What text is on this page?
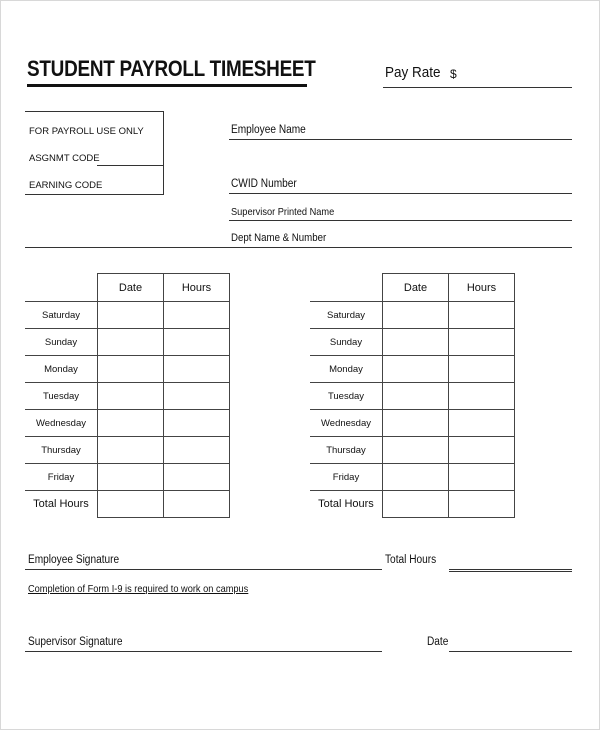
STUDENT PAYROLL TIMESHEET	Pay Rate $
FOR PAYROLL USE ONLY
ASGNMT CODE
EARNING CODE
Employee Name
CWID Number
Supervisor Printed Name
Dept Name & Number
	Date	Hours
Saturday		
Sunday		
Monday		
Tuesday		
Wednesday		
Thursday		
Friday		
Total Hours		
	Date	Hours
Saturday		
Sunday		
Monday		
Tuesday		
Wednesday		
Thursday		
Friday		
Total Hours		
Employee Signature	Total Hours
Completion of Form I-9 is required to work on campus
Supervisor Signature	Date
